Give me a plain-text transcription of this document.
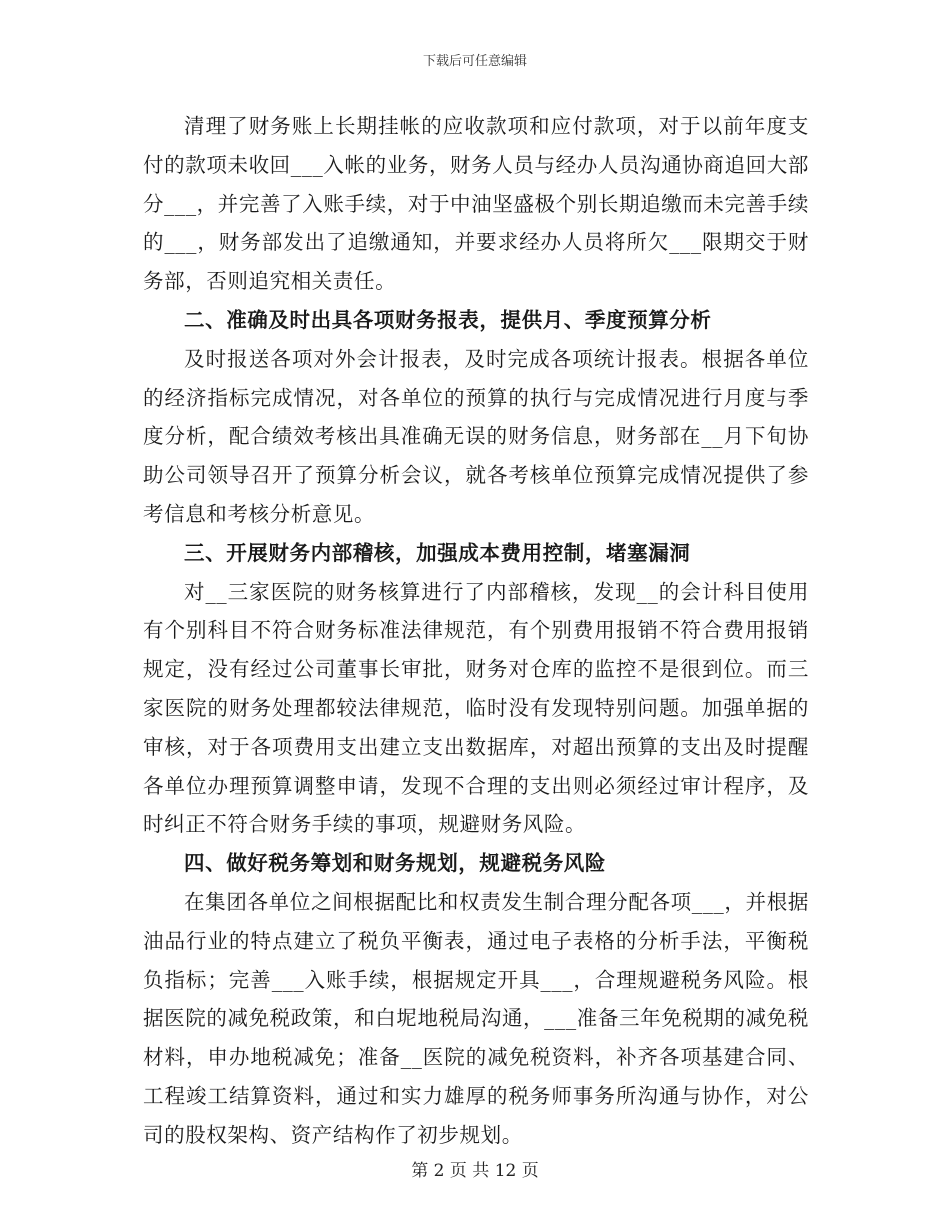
下载后可任意编辑

清理了财务账上长期挂帐的应收款项和应付款项，对于以前年度支付的款项未收回___入帐的业务，财务人员与经办人员沟通协商追回大部分___，并完善了入账手续，对于中油坚盛极个别长期追缴而未完善手续的___，财务部发出了追缴通知，并要求经办人员将所欠___限期交于财务部，否则追究相关责任。

二、准确及时出具各项财务报表，提供月、季度预算分析

及时报送各项对外会计报表，及时完成各项统计报表。根据各单位的经济指标完成情况，对各单位的预算的执行与完成情况进行月度与季度分析，配合绩效考核出具准确无误的财务信息，财务部在__月下旬协助公司领导召开了预算分析会议，就各考核单位预算完成情况提供了参考信息和考核分析意见。

三、开展财务内部稽核，加强成本费用控制，堵塞漏洞

对__三家医院的财务核算进行了内部稽核，发现__的会计科目使用有个别科目不符合财务标准法律规范，有个别费用报销不符合费用报销规定，没有经过公司董事长审批，财务对仓库的监控不是很到位。而三家医院的财务处理都较法律规范，临时没有发现特别问题。加强单据的审核，对于各项费用支出建立支出数据库，对超出预算的支出及时提醒各单位办理预算调整申请，发现不合理的支出则必须经过审计程序，及时纠正不符合财务手续的事项，规避财务风险。

四、做好税务筹划和财务规划，规避税务风险

在集团各单位之间根据配比和权责发生制合理分配各项___，并根据油品行业的特点建立了税负平衡表，通过电子表格的分析手法，平衡税负指标；完善___入账手续，根据规定开具___，合理规避税务风险。根据医院的减免税政策，和白坭地税局沟通，___准备三年免税期的减免税材料，申办地税减免；准备__医院的减免税资料，补齐各项基建合同、工程竣工结算资料，通过和实力雄厚的税务师事务所沟通与协作，对公司的股权架构、资产结构作了初步规划。

第 2 页 共 12 页
